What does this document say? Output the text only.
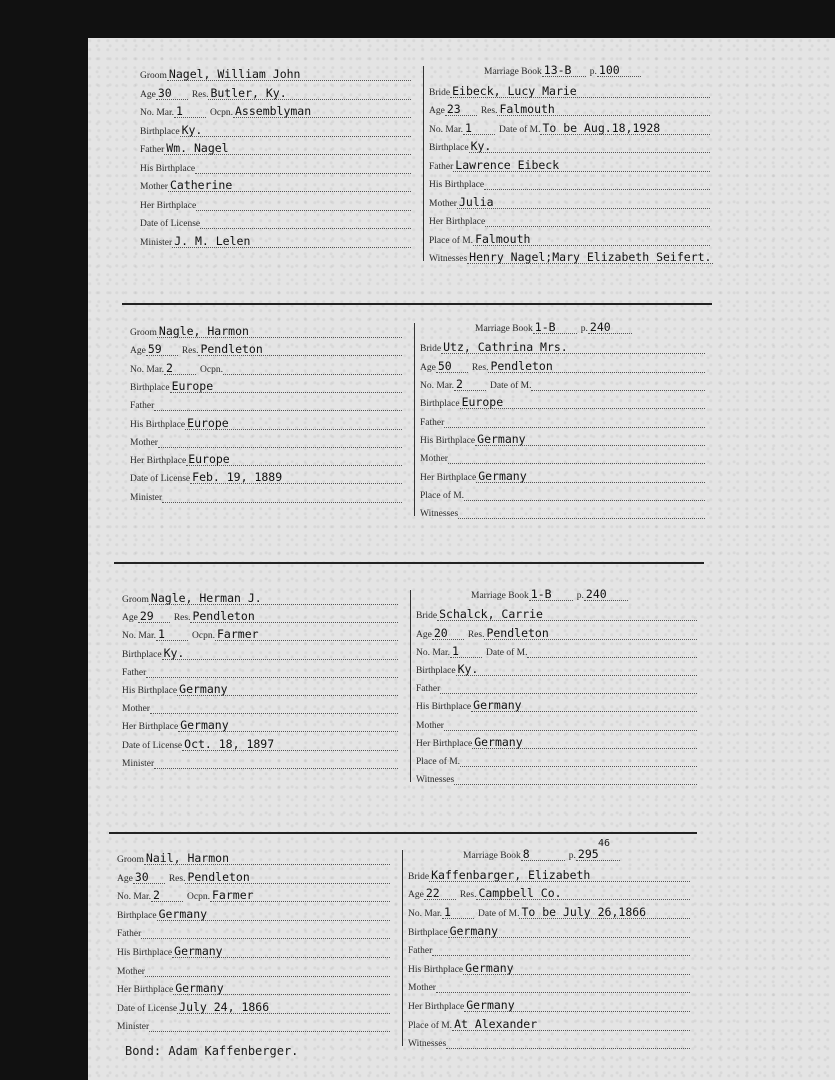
Groom Nagel, William John
Age 30	Res. Butler, Ky.
No. Mar. 1	Ocpn. Assemblyman
Birthplace Ky.
Father Wm. Nagel
His Birthplace
Mother Catherine
Her Birthplace
Date of License
Minister J. M. Lelen
Marriage Book 13-B	p. 100
Bride Eibeck, Lucy Marie
Age 23	Res. Falmouth
No. Mar. 1	Date of M. To be Aug.18,1928
Birthplace Ky.
Father Lawrence Eibeck
His Birthplace
Mother Julia
Her Birthplace
Place of M. Falmouth
Witnesses Henry Nagel;Mary Elizabeth Seifert.
Groom Nagle, Harmon
Age 59	Res. Pendleton
No. Mar. 2	Ocpn.
Birthplace Europe
Father
His Birthplace Europe
Mother
Her Birthplace Europe
Date of License Feb. 19, 1889
Minister
Marriage Book 1-B	p. 240
Bride Utz, Cathrina Mrs.
Age 50	Res. Pendleton
No. Mar. 2	Date of M.
Birthplace Europe
Father
His Birthplace Germany
Mother
Her Birthplace Germany
Place of M.
Witnesses
Groom Nagle, Herman J.
Age 29	Res. Pendleton
No. Mar. 1	Ocpn. Farmer
Birthplace Ky.
Father
His Birthplace Germany
Mother
Her Birthplace Germany
Date of License Oct. 18, 1897
Minister
Marriage Book 1-B	p. 240
Bride Schalck, Carrie
Age 20	Res. Pendleton
No. Mar. 1	Date of M.
Birthplace Ky.
Father
His Birthplace Germany
Mother
Her Birthplace Germany
Place of M.
Witnesses
Groom Nail, Harmon
Age 30	Res. Pendleton
No. Mar. 2	Ocpn. Farmer
Birthplace Germany
Father
His Birthplace Germany
Mother
Her Birthplace Germany
Date of License July 24, 1866
Minister
Marriage Book 8	p. 295
Bride Kaffenbarger, Elizabeth
Age 22	Res. Campbell Co.
No. Mar. 1	Date of M. To be July 26,1866
Birthplace Germany
Father
His Birthplace Germany
Mother
Her Birthplace Germany
Place of M. At Alexander
Witnesses
46
Bond: Adam Kaffenberger.
